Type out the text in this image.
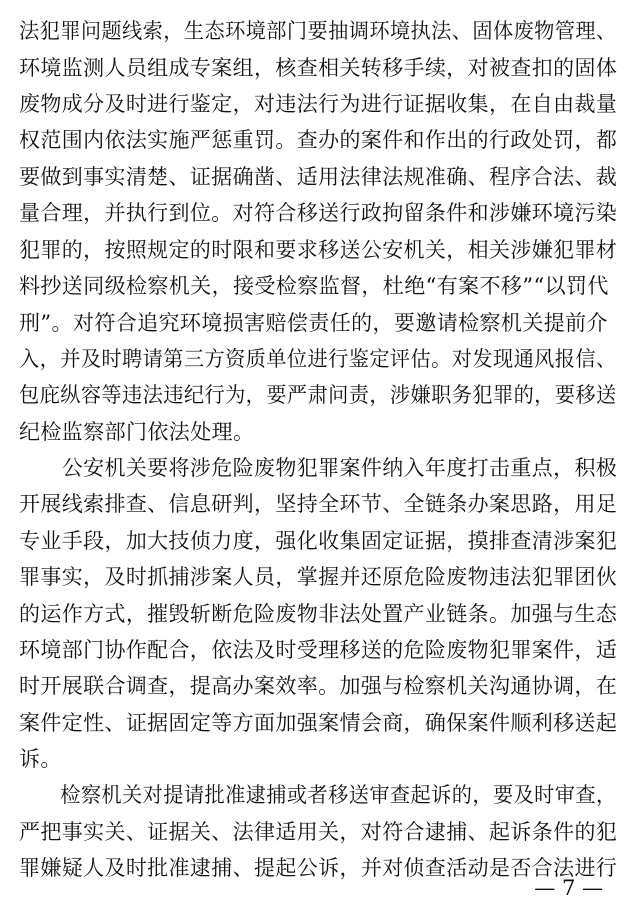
法犯罪问题线索，生态环境部门要抽调环境执法、固体废物管理、
环境监测人员组成专案组，核查相关转移手续，对被查扣的固体
废物成分及时进行鉴定，对违法行为进行证据收集，在自由裁量
权范围内依法实施严惩重罚。查办的案件和作出的行政处罚，都
要做到事实清楚、证据确凿、适用法律法规准确、程序合法、裁
量合理，并执行到位。对符合移送行政拘留条件和涉嫌环境污染
犯罪的，按照规定的时限和要求移送公安机关，相关涉嫌犯罪材
料抄送同级检察机关，接受检察监督，杜绝“有案不移”“以罚代
刑”。对符合追究环境损害赔偿责任的，要邀请检察机关提前介
入，并及时聘请第三方资质单位进行鉴定评估。对发现通风报信、
包庇纵容等违法违纪行为，要严肃问责，涉嫌职务犯罪的，要移送
纪检监察部门依法处理。
　　公安机关要将涉危险废物犯罪案件纳入年度打击重点，积极
开展线索排查、信息研判，坚持全环节、全链条办案思路，用足
专业手段，加大技侦力度，强化收集固定证据，摸排查清涉案犯
罪事实，及时抓捕涉案人员，掌握并还原危险废物违法犯罪团伙
的运作方式，摧毁斩断危险废物非法处置产业链条。加强与生态
环境部门协作配合，依法及时受理移送的危险废物犯罪案件，适
时开展联合调查，提高办案效率。加强与检察机关沟通协调，在
案件定性、证据固定等方面加强案情会商，确保案件顺利移送起
诉。
　　检察机关对提请批准逮捕或者移送审查起诉的，要及时审查，
严把事实关、证据关、法律适用关，对符合逮捕、起诉条件的犯
罪嫌疑人及时批准逮捕、提起公诉，并对侦查活动是否合法进行
— 7 —
